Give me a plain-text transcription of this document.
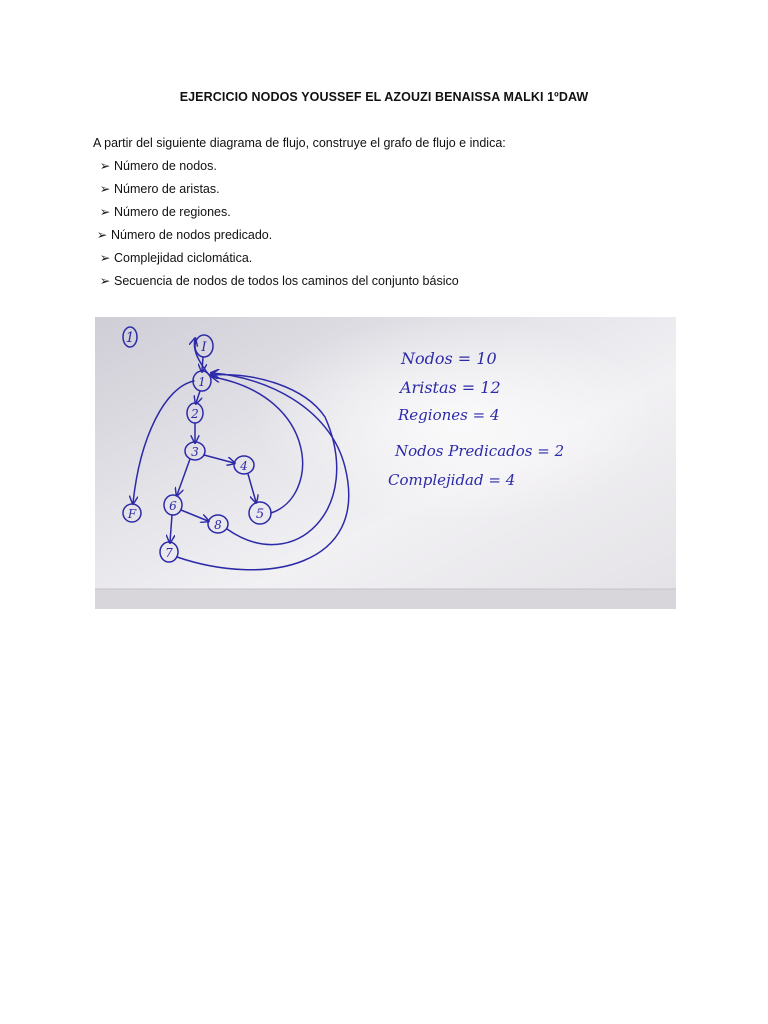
EJERCICIO NODOS YOUSSEF EL AZOUZI BENAISSA MALKI 1ºDAW
A partir del siguiente diagrama de flujo, construye el grafo de flujo e indica:
➢ Número de nodos.
➢ Número de aristas.
➢ Número de regiones.
➢ Número de nodos predicado.
➢ Complejidad ciclomática.
➢ Secuencia de nodos de todos los caminos del conjunto básico
1
I
1
2
3
4
5
6
7
8
F
Nodos = 10
Aristas = 12
Regiones = 4
Nodos Predicados = 2
Complejidad = 4
